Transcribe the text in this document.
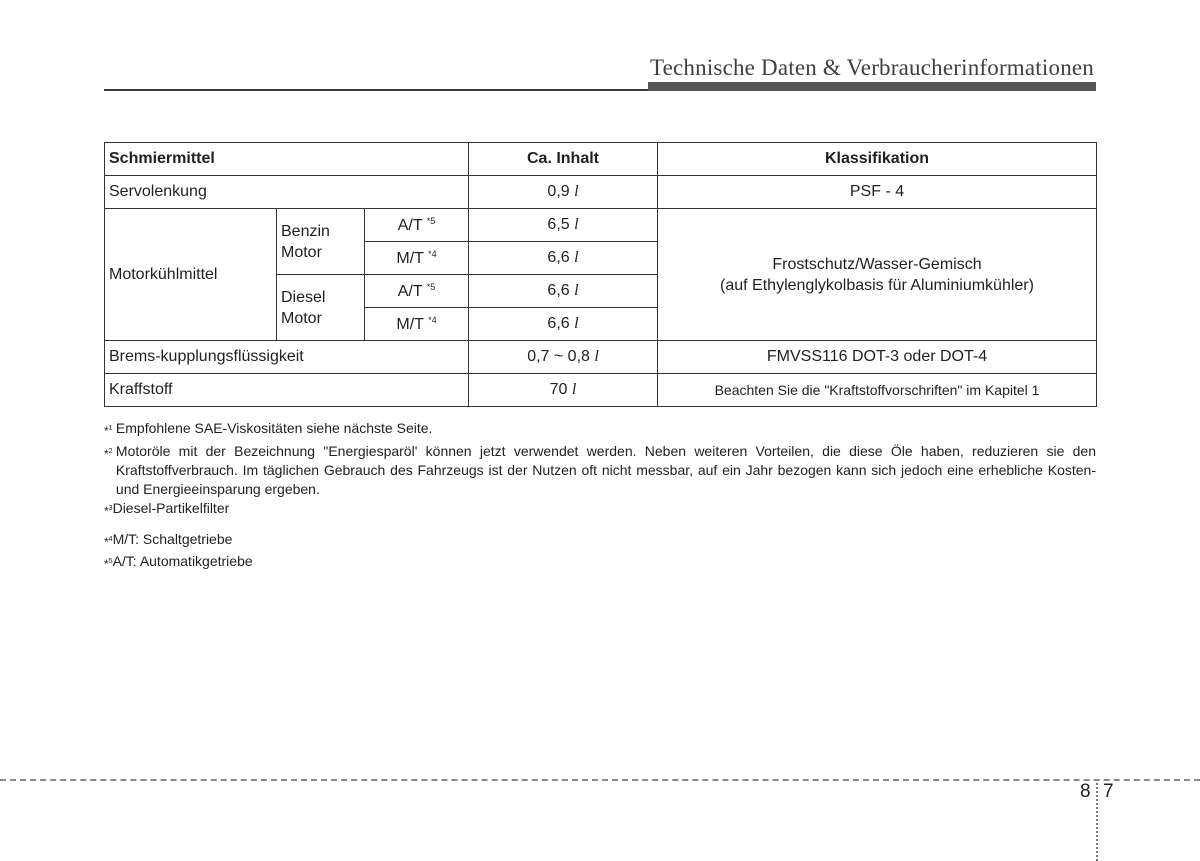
Technische Daten & Verbraucherinformationen
Schmiermittel			Ca. Inhalt	Klassifikation
Servolenkung			0,9 l	PSF - 4
Motorkühlmittel	Benzin Motor	A/T $^{*5}$	6,5 l	Frostschutz/Wasser-Gemisch
(auf Ethylenglykolbasis für Aluminiumkühler)

		M/T $^{*4}$	6,6 l	
	Diesel Motor	A/T $^{*5}$	6,6 l	
		M/T $^{*4}$	6,6 l	
Brems-kupplungsflüssigkeit			0,7 ~ 0,8 l	FMVSS116 DOT-3 oder DOT-4
Kraffstoff			70 l	Beachten Sie die "Kraftstoffvorschriften" im Kapitel 1
*$^1$ Empfohlene SAE-Viskositäten siehe nächste Seite.
*$^2$ Motoröle mit der Bezeichnung "Energiesparöl' können jetzt verwendet werden. Neben weiteren Vorteilen, die diese Öle haben, reduzieren sie den Kraftstoffverbrauch. Im täglichen Gebrauch des Fahrzeugs ist der Nutzen oft nicht messbar, auf ein Jahr bezogen kann sich jedoch eine erhebliche Kosten- und Energieeinsparung ergeben.
*$^3$ Diesel-Partikelfilter
*$^4$ M/T: Schaltgetriebe
*$^5$ A/T: Automatikgetriebe
8 7
